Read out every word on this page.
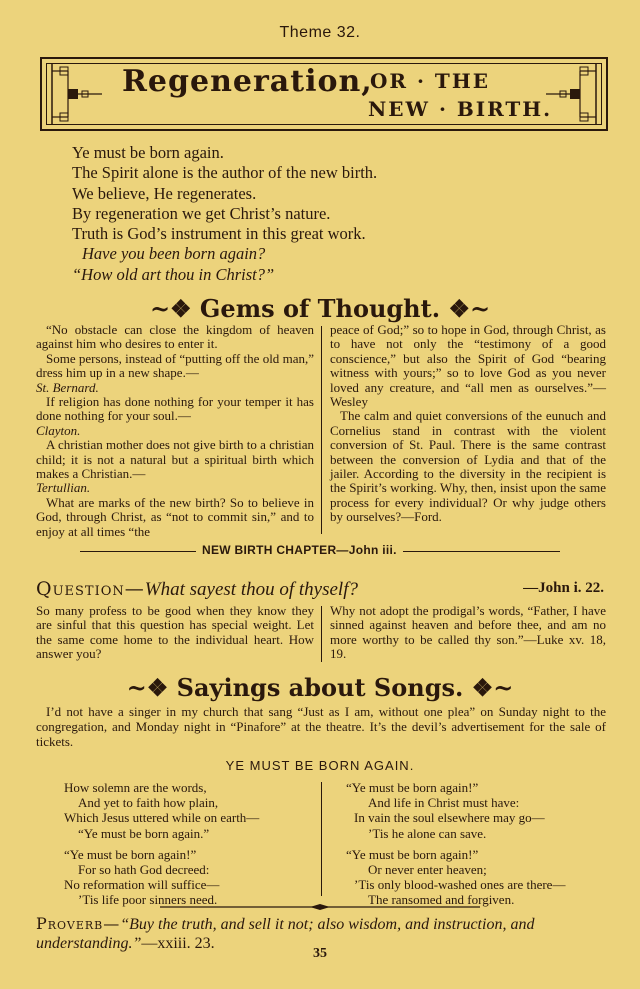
Theme 32.
Regeneration,
OR · THE
NEW · BIRTH.
Ye must be born again.
The Spirit alone is the author of the new birth.
We believe, He regenerates.
By regeneration we get Christ’s nature.
Truth is God’s instrument in this great work.
Have you been born again?
“How old art thou in Christ?”
~❖ Gems of Thought. ❖~
“No obstacle can close the kingdom of heaven against him who desires to enter it.
Some persons, instead of “putting off the old man,” dress him up in a new shape.—
St. Bernard.
If religion has done nothing for your temper it has done nothing for your soul.—
Clayton.
A christian mother does not give birth to a christian child; it is not a natural but a spiritual birth which makes a Christian.—
Tertullian.
What are marks of the new birth? So to believe in God, through Christ, as “not to commit sin,” and to enjoy at all times “the
peace of God;” so to hope in God, through Christ, as to have not only the “testimony of a good conscience,” but also the Spirit of God “bearing witness with yours;” so to love God as you never loved any creature, and “all men as ourselves.”—Wesley
The calm and quiet conversions of the eunuch and Cornelius stand in contrast with the violent conversion of St. Paul. There is the same contrast between the conversion of Lydia and that of the jailer. According to the diversity in the recipient is the Spirit’s working. Why, then, insist upon the same process for every individual? Or why judge others by ourselves?—Ford.
NEW BIRTH CHAPTER—John iii.
Question—What sayest thou of thyself?	—John i. 22.
So many profess to be good when they know they are sinful that this question has special weight. Let the same come home to the individual heart. How answer you?
Why not adopt the prodigal’s words, “Father, I have sinned against heaven and before thee, and am no more worthy to be called thy son.”—Luke xv. 18, 19.
~❖ Sayings about Songs. ❖~
I’d not have a singer in my church that sang “Just as I am, without one plea” on Sunday night to the congregation, and Monday night in “Pinafore” at the theatre. It’s the devil’s advertisement for the sale of tickets.
YE MUST BE BORN AGAIN.
How solemn are the words,
And yet to faith how plain,
Which Jesus uttered while on earth—
“Ye must be born again.”
“Ye must be born again!”
For so hath God decreed:
No reformation will suffice—
’Tis life poor sinners need.
“Ye must be born again!”
And life in Christ must have:
In vain the soul elsewhere may go—
’Tis he alone can save.
“Ye must be born again!”
Or never enter heaven;
’Tis only blood-washed ones are there—
The ransomed and forgiven.
Proverb—“Buy the truth, and sell it not; also wisdom, and instruction, and understanding.”—xxiii. 23.
35
